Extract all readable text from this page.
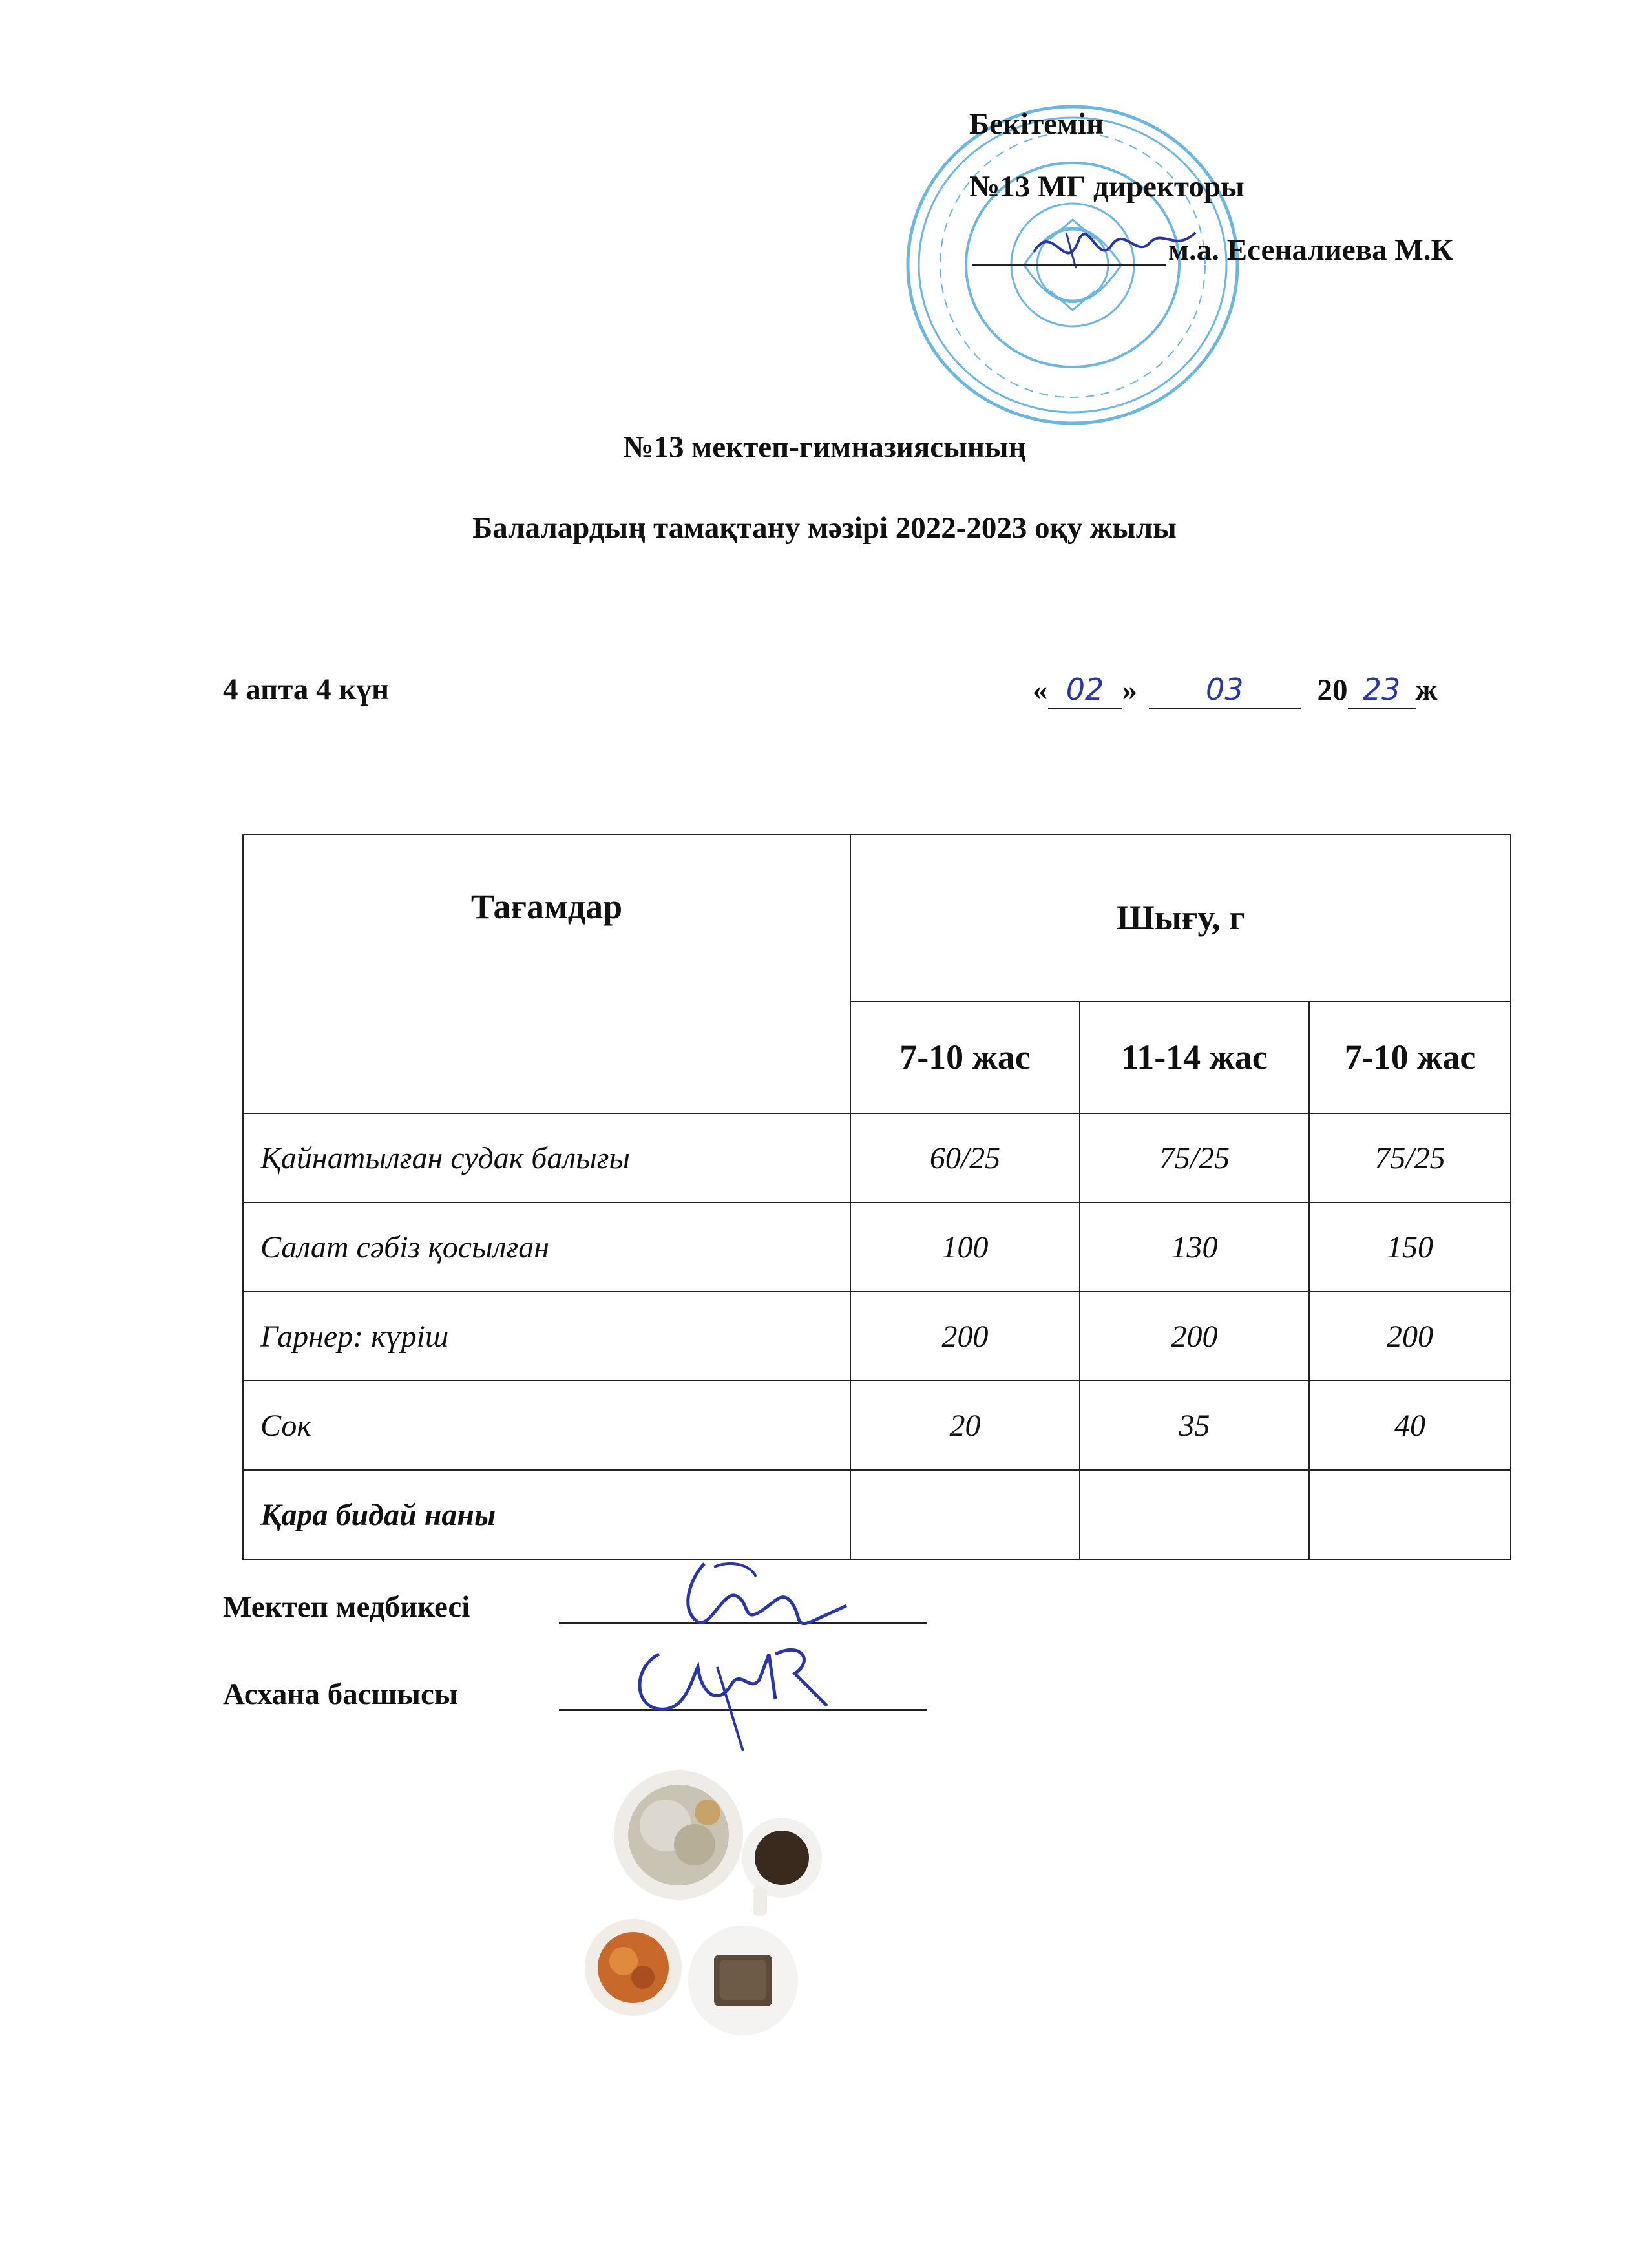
Бекітемін
№13 МГ директоры
м.а. Есеналиева М.К
№13 мектеп-гимназиясының
Балалардың тамақтану мәзірі 2022-2023 оқу жылы
4 апта 4 күн	« 02 » 03 20 23 ж
Тағамдар	Шығу, г		
	7-10 жас	11-14 жас	7-10 жас
Қайнатылған судак балығы	60/25	75/25	75/25
Салат сәбіз қосылған	100	130	150
Гарнер: күріш	200	200	200
Сок	20	35	40
Қара бидай наны			
Мектеп медбикесі
Асхана басшысы
